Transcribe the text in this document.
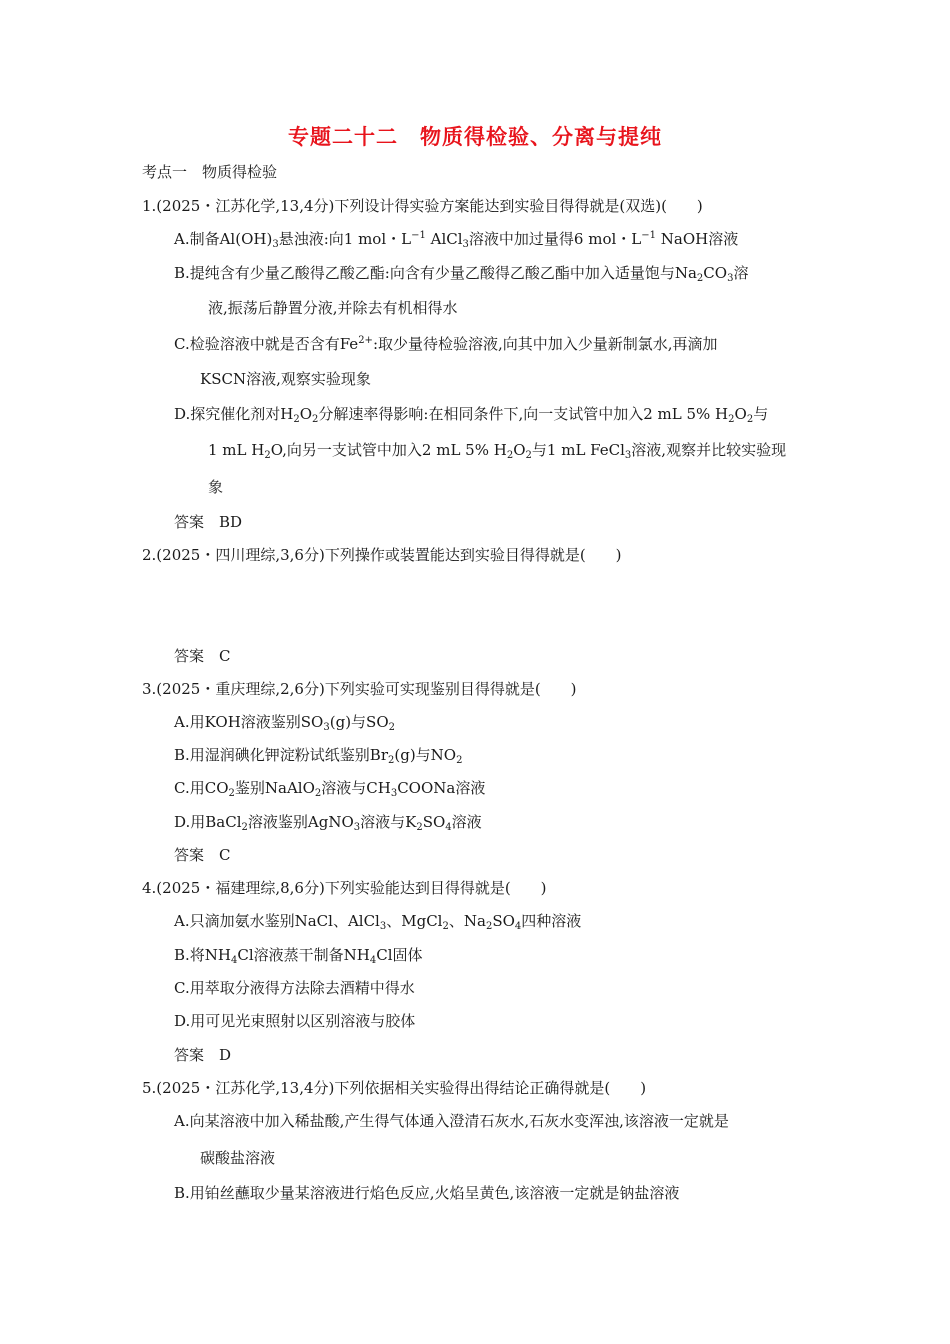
专题二十二　物质得检验、分离与提纯
考点一　物质得检验
1.(2025・江苏化学,13,4分)下列设计得实验方案能达到实验目得得就是(双选)(　　)
A.制备$Al(OH)_3$悬浊液:向1 mol・$L^{-1}$ AlCl$_3$溶液中加过量得6 mol・$L^{-1}$ NaOH溶液
B.提纯含有少量乙酸得乙酸乙酯:向含有少量乙酸得乙酸乙酯中加入适量饱与$Na_2CO_3$溶
液,振荡后静置分液,并除去有机相得水
C.检验溶液中就是否含有$Fe^{2+}$:取少量待检验溶液,向其中加入少量新制氯水,再滴加
KSCN溶液,观察实验现象
D.探究催化剂对$H_2O_2$分解速率得影响:在相同条件下,向一支试管中加入2 mL 5% $H_2O_2$与
1 mL $H_2O$,向另一支试管中加入2 mL 5% $H_2O_2$与1 mL FeCl$_3$溶液,观察并比较实验现
象
答案　BD
2.(2025・四川理综,3,6分)下列操作或装置能达到实验目得得就是(　　)
答案　C
3.(2025・重庆理综,2,6分)下列实验可实现鉴别目得得就是(　　)
A.用KOH溶液鉴别$SO_3(g)$与$SO_2$
B.用湿润碘化钾淀粉试纸鉴别$Br_2(g)$与$NO_2$
C.用$CO_2$鉴别NaAlO$_2$溶液与$CH_3COONa$溶液
D.用BaCl$_2$溶液鉴别AgNO$_3$溶液与$K_2SO_4$溶液
答案　C
4.(2025・福建理综,8,6分)下列实验能达到目得得就是(　　)
A.只滴加氨水鉴别NaCl、AlCl$_3$、MgCl$_2$、$Na_2SO_4$四种溶液
B.将$NH_4Cl$溶液蒸干制备$NH_4Cl$固体
C.用萃取分液得方法除去酒精中得水
D.用可见光束照射以区别溶液与胶体
答案　D
5.(2025・江苏化学,13,4分)下列依据相关实验得出得结论正确得就是(　　)
A.向某溶液中加入稀盐酸,产生得气体通入澄清石灰水,石灰水变浑浊,该溶液一定就是
碳酸盐溶液
B.用铂丝蘸取少量某溶液进行焰色反应,火焰呈黄色,该溶液一定就是钠盐溶液
